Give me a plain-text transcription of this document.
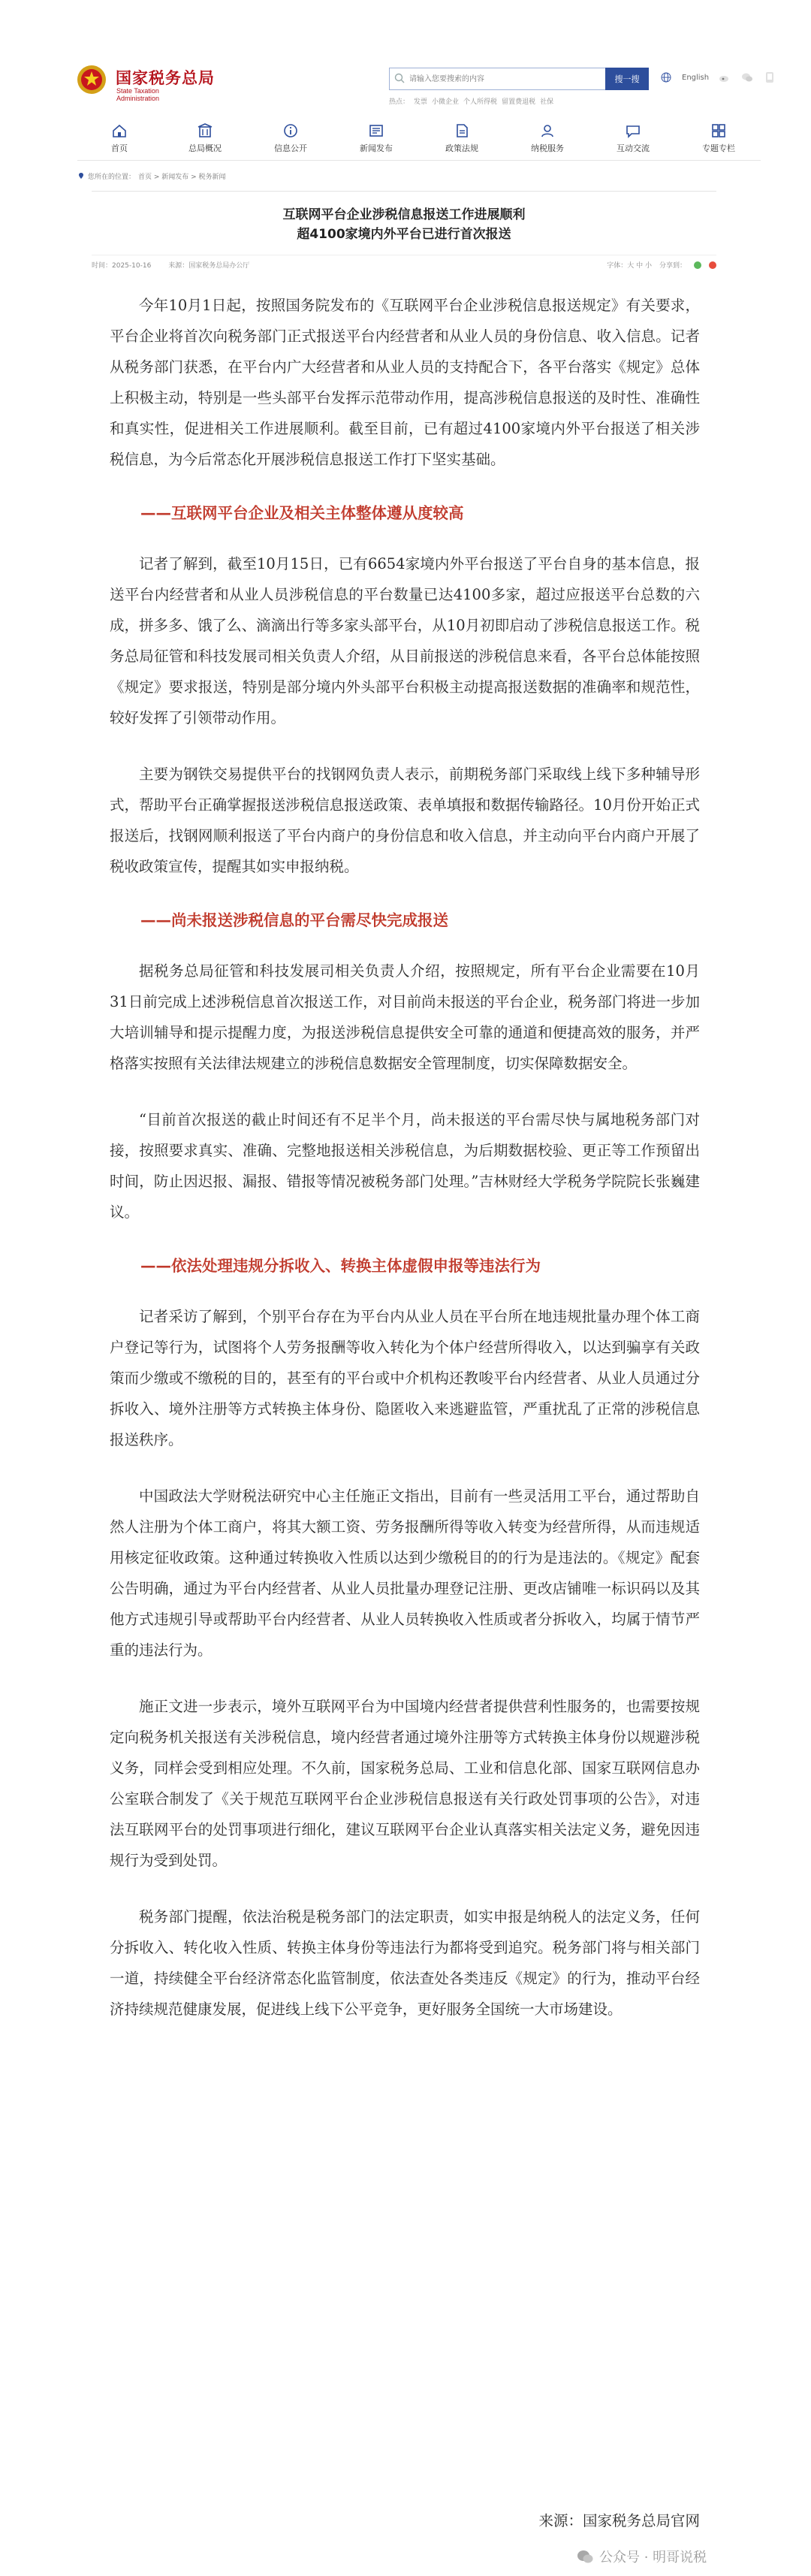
国家税务总局
State Taxation
Administration
请输入您要搜索的内容
搜一搜
热点： 发票 小微企业 个人所得税 留置费退税 社保
English
首页	总局概况	信息公开	新闻发布	政策法规	纳税服务	互动交流	专题专栏
您所在的位置： 首页 > 新闻发布 > 税务新闻
互联网平台企业涉税信息报送工作进展顺利
超4100家境内外平台已进行首次报送
时间：2025-10-16	来源：国家税务总局办公厅	字体：大 中 小 分享到：

今年10月1日起，按照国务院发布的《互联网平台企业涉税信息报送规定》有关要求，平台企业将首次向税务部门正式报送平台内经营者和从业人员的身份信息、收入信息。记者从税务部门获悉，在平台内广大经营者和从业人员的支持配合下，各平台落实《规定》总体上积极主动，特别是一些头部平台发挥示范带动作用，提高涉税信息报送的及时性、准确性和真实性，促进相关工作进展顺利。截至目前，已有超过4100家境内外平台报送了相关涉税信息，为今后常态化开展涉税信息报送工作打下坚实基础。

——互联网平台企业及相关主体整体遵从度较高

记者了解到，截至10月15日，已有6654家境内外平台报送了平台自身的基本信息，报送平台内经营者和从业人员涉税信息的平台数量已达4100多家，超过应报送平台总数的六成，拼多多、饿了么、滴滴出行等多家头部平台，从10月初即启动了涉税信息报送工作。税务总局征管和科技发展司相关负责人介绍，从目前报送的涉税信息来看，各平台总体能按照《规定》要求报送，特别是部分境内外头部平台积极主动提高报送数据的准确率和规范性，较好发挥了引领带动作用。

主要为钢铁交易提供平台的找钢网负责人表示，前期税务部门采取线上线下多种辅导形式，帮助平台正确掌握报送涉税信息报送政策、表单填报和数据传输路径。10月份开始正式报送后，找钢网顺利报送了平台内商户的身份信息和收入信息，并主动向平台内商户开展了税收政策宣传，提醒其如实申报纳税。

——尚未报送涉税信息的平台需尽快完成报送

据税务总局征管和科技发展司相关负责人介绍，按照规定，所有平台企业需要在10月31日前完成上述涉税信息首次报送工作，对目前尚未报送的平台企业，税务部门将进一步加大培训辅导和提示提醒力度，为报送涉税信息提供安全可靠的通道和便捷高效的服务，并严格落实按照有关法律法规建立的涉税信息数据安全管理制度，切实保障数据安全。

“目前首次报送的截止时间还有不足半个月，尚未报送的平台需尽快与属地税务部门对接，按照要求真实、准确、完整地报送相关涉税信息，为后期数据校验、更正等工作预留出时间，防止因迟报、漏报、错报等情况被税务部门处理。”吉林财经大学税务学院院长张巍建议。

——依法处理违规分拆收入、转换主体虚假申报等违法行为

记者采访了解到，个别平台存在为平台内从业人员在平台所在地违规批量办理个体工商户登记等行为，试图将个人劳务报酬等收入转化为个体户经营所得收入，以达到骗享有关政策而少缴或不缴税的目的，甚至有的平台或中介机构还教唆平台内经营者、从业人员通过分拆收入、境外注册等方式转换主体身份、隐匿收入来逃避监管，严重扰乱了正常的涉税信息报送秩序。

中国政法大学财税法研究中心主任施正文指出，目前有一些灵活用工平台，通过帮助自然人注册为个体工商户，将其大额工资、劳务报酬所得等收入转变为经营所得，从而违规适用核定征收政策。这种通过转换收入性质以达到少缴税目的的行为是违法的。《规定》配套公告明确，通过为平台内经营者、从业人员批量办理登记注册、更改店铺唯一标识码以及其他方式违规引导或帮助平台内经营者、从业人员转换收入性质或者分拆收入，均属于情节严重的违法行为。

施正文进一步表示，境外互联网平台为中国境内经营者提供营利性服务的，也需要按规定向税务机关报送有关涉税信息，境内经营者通过境外注册等方式转换主体身份以规避涉税义务，同样会受到相应处理。不久前，国家税务总局、工业和信息化部、国家互联网信息办公室联合制发了《关于规范互联网平台企业涉税信息报送有关行政处罚事项的公告》，对违法互联网平台的处罚事项进行细化，建议互联网平台企业认真落实相关法定义务，避免因违规行为受到处罚。

税务部门提醒，依法治税是税务部门的法定职责，如实申报是纳税人的法定义务，任何分拆收入、转化收入性质、转换主体身份等违法行为都将受到追究。税务部门将与相关部门一道，持续健全平台经济常态化监管制度，依法查处各类违反《规定》的行为，推动平台经济持续规范健康发展，促进线上线下公平竞争，更好服务全国统一大市场建设。

来源：国家税务总局官网
公众号 · 明哥说税
